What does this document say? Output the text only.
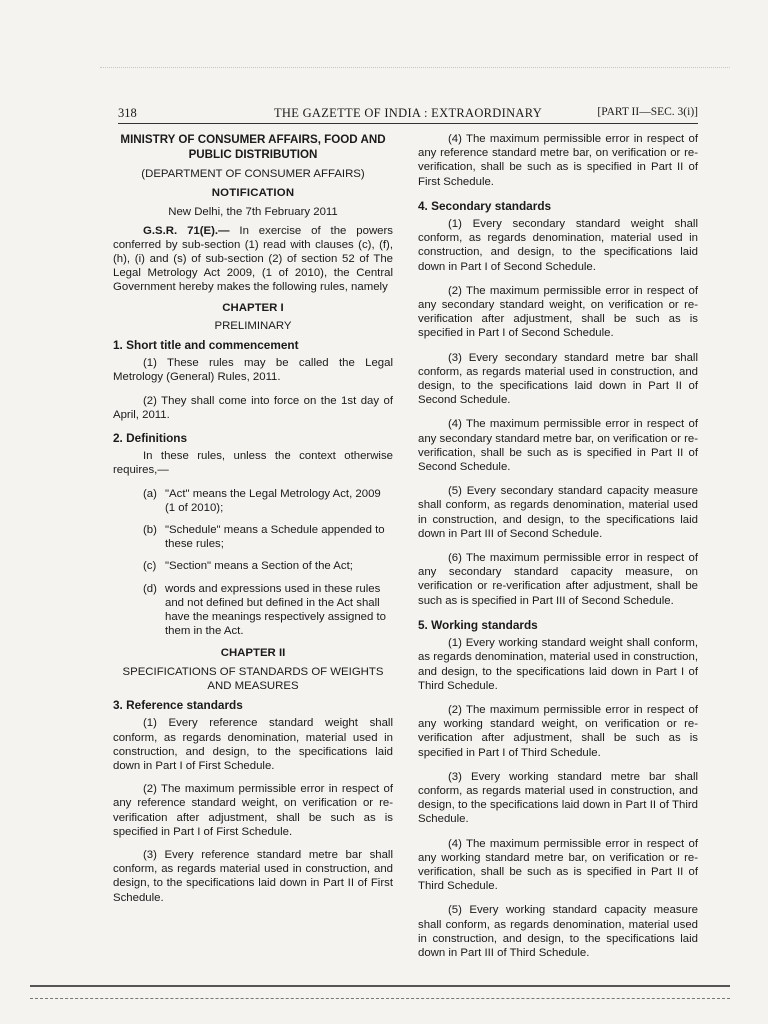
318	THE GAZETTE OF INDIA : EXTRAORDINARY	[PART II—SEC. 3(i)]
MINISTRY OF CONSUMER AFFAIRS, FOOD AND PUBLIC DISTRIBUTION
(DEPARTMENT OF CONSUMER AFFAIRS)
NOTIFICATION
New Delhi, the 7th February 2011

G.S.R. 71(E).— In exercise of the powers conferred by sub-section (1) read with clauses (c), (f), (h), (i) and (s) of sub-section (2) of section 52 of The Legal Metrology Act 2009, (1 of 2010), the Central Government hereby makes the following rules, namely

CHAPTER I
PRELIMINARY
1. Short title and commencement

(1) These rules may be called the Legal Metrology (General) Rules, 2011.

(2) They shall come into force on the 1st day of April, 2011.

2. Definitions

In these rules, unless the context otherwise requires,—

(a) "Act" means the Legal Metrology Act, 2009 (1 of 2010);
(b) "Schedule" means a Schedule appended to these rules;
(c) "Section" means a Section of the Act;
(d) words and expressions used in these rules and not defined but defined in the Act shall have the meanings respectively assigned to them in the Act.
CHAPTER II
SPECIFICATIONS OF STANDARDS OF WEIGHTS AND MEASURES
3. Reference standards

(1) Every reference standard weight shall conform, as regards denomination, material used in construction, and design, to the specifications laid down in Part I of First Schedule.

(2) The maximum permissible error in respect of any reference standard weight, on verification or re-verification after adjustment, shall be such as is specified in Part I of First Schedule.

(3) Every reference standard metre bar shall conform, as regards material used in construction, and design, to the specifications laid down in Part II of First Schedule.

(4) The maximum permissible error in respect of any reference standard metre bar, on verification or re-verification, shall be such as is specified in Part II of First Schedule.

4. Secondary standards

(1) Every secondary standard weight shall conform, as regards denomination, material used in construction, and design, to the specifications laid down in Part I of Second Schedule.

(2) The maximum permissible error in respect of any secondary standard weight, on verification or re-verification after adjustment, shall be such as is specified in Part I of Second Schedule.

(3) Every secondary standard metre bar shall conform, as regards material used in construction, and design, to the specifications laid down in Part II of Second Schedule.

(4) The maximum permissible error in respect of any secondary standard metre bar, on verification or re-verification, shall be such as is specified in Part II of Second Schedule.

(5) Every secondary standard capacity measure shall conform, as regards denomination, material used in construction, and design, to the specifications laid down in Part III of Second Schedule.

(6) The maximum permissible error in respect of any secondary standard capacity measure, on verification or re-verification after adjustment, shall be such as is specified in Part III of Second Schedule.

5. Working standards

(1) Every working standard weight shall conform, as regards denomination, material used in construction, and design, to the specifications laid down in Part I of Third Schedule.

(2) The maximum permissible error in respect of any working standard weight, on verification or re-verification after adjustment, shall be such as is specified in Part I of Third Schedule.

(3) Every working standard metre bar shall conform, as regards material used in construction, and design, to the specifications laid down in Part II of Third Schedule.

(4) The maximum permissible error in respect of any working standard metre bar, on verification or re-verification, shall be such as is specified in Part II of Third Schedule.

(5) Every working standard capacity measure shall conform, as regards denomination, material used in construction, and design, to the specifications laid down in Part III of Third Schedule.
